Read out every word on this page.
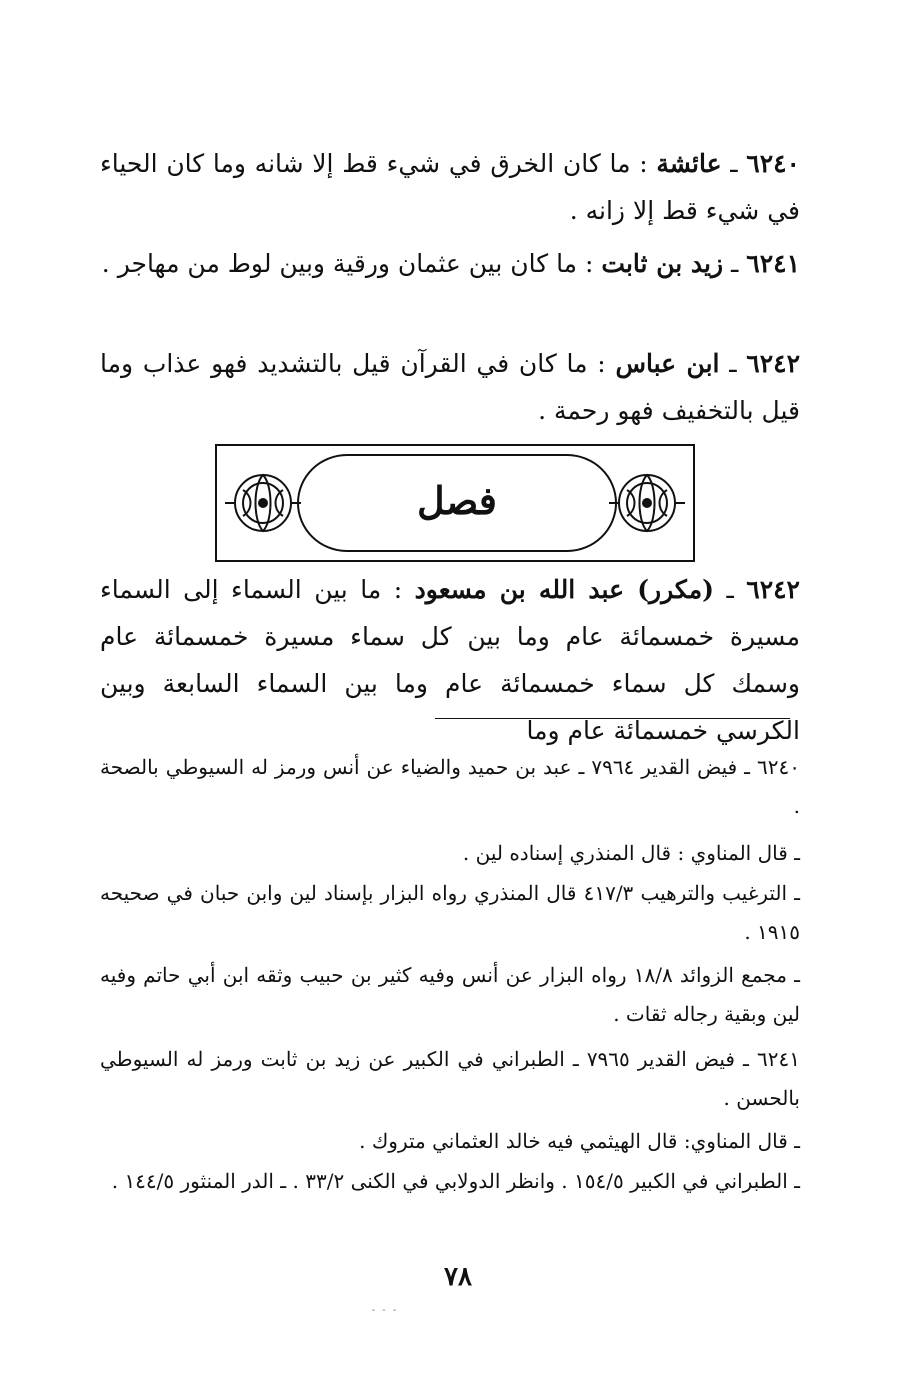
٦٢٤٠ ـ عائشة : ما كان الخرق في شيء قط إلا شانه وما كان الحياء في شيء قط إلا زانه .
٦٢٤١ ـ زيد بن ثابت : ما كان بين عثمان ورقية وبين لوط من مهاجر .
٦٢٤٢ ـ ابن عباس : ما كان في القرآن قيل بالتشديد فهو عذاب وما قيل بالتخفيف فهو رحمة .
فصل
٦٢٤٢ ـ (مكرر) عبد الله بن مسعود : ما بين السماء إلى السماء مسيرة خمسمائة عام وما بين كل سماء مسيرة خمسمائة عام وسمك كل سماء خمسمائة عام وما بين السماء السابعة وبين الكرسي خمسمائة عام وما
٦٢٤٠ ـ فيض القدير ٧٩٦٤ ـ عبد بن حميد والضياء عن أنس ورمز له السيوطي بالصحة .
ـ قال المناوي : قال المنذري إسناده لين .
ـ الترغيب والترهيب ٤١٧/٣ قال المنذري رواه البزار بإسناد لين وابن حبان في صحيحه ١٩١٥ .
ـ مجمع الزوائد ١٨/٨ رواه البزار عن أنس وفيه كثير بن حبيب وثقه ابن أبي حاتم وفيه لين وبقية رجاله ثقات .
٦٢٤١ ـ فيض القدير ٧٩٦٥ ـ الطبراني في الكبير عن زيد بن ثابت ورمز له السيوطي بالحسن .
ـ قال المناوي: قال الهيثمي فيه خالد العثماني متروك .
ـ الطبراني في الكبير ١٥٤/٥ . وانظر الدولابي في الكنى ٣٣/٢ . ـ الدر المنثور ١٤٤/٥ .
٧٨
- - -
